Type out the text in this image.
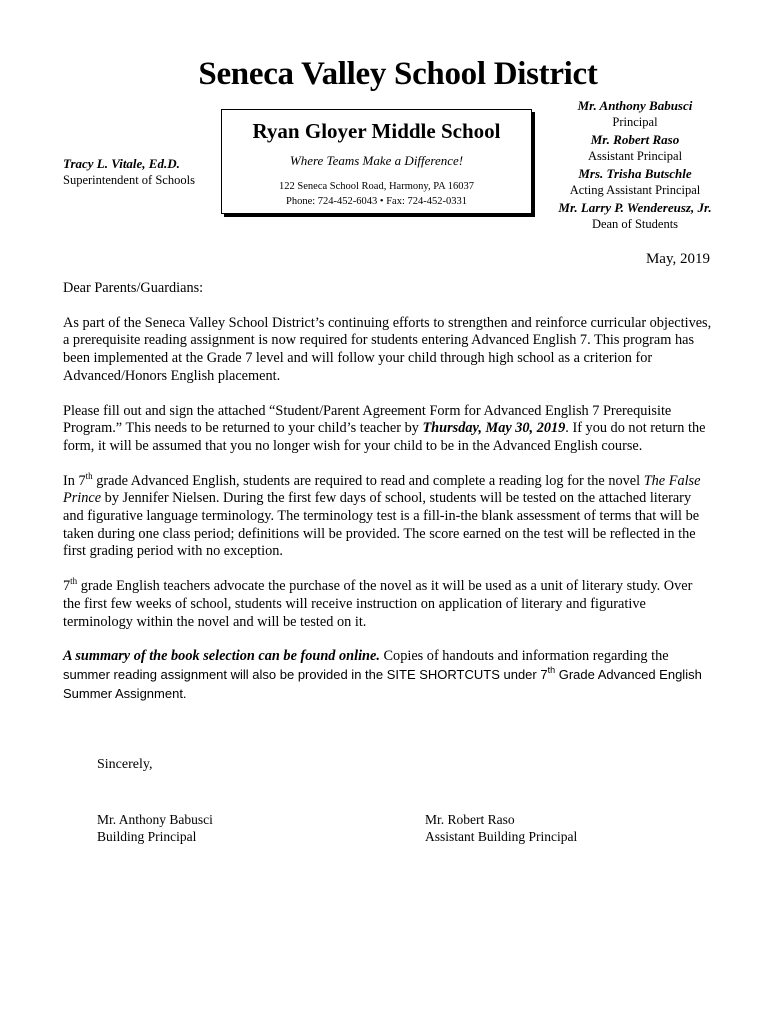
Seneca Valley School District
Tracy L. Vitale, Ed.D.
Superintendent of Schools
Ryan Gloyer Middle School
Where Teams Make a Difference!
122 Seneca School Road, Harmony, PA 16037
Phone: 724-452-6043 • Fax: 724-452-0331
Mr. Anthony Babusci
Principal
Mr. Robert Raso
Assistant Principal
Mrs. Trisha Butschle
Acting Assistant Principal
Mr. Larry P. Wendereusz, Jr.
Dean of Students
May, 2019

Dear Parents/Guardians:

As part of the Seneca Valley School District’s continuing efforts to strengthen and reinforce curricular objectives, a prerequisite reading assignment is now required for students entering Advanced English 7. This program has been implemented at the Grade 7 level and will follow your child through high school as a criterion for Advanced/Honors English placement.

Please fill out and sign the attached “Student/Parent Agreement Form for Advanced English 7 Prerequisite Program.” This needs to be returned to your child’s teacher by Thursday, May 30, 2019. If you do not return the form, it will be assumed that you no longer wish for your child to be in the Advanced English course.

In 7th grade Advanced English, students are required to read and complete a reading log for the novel The False Prince by Jennifer Nielsen. During the first few days of school, students will be tested on the attached literary and figurative language terminology. The terminology test is a fill-in-the blank assessment of terms that will be taken during one class period; definitions will be provided. The score earned on the test will be reflected in the first grading period with no exception.

7th grade English teachers advocate the purchase of the novel as it will be used as a unit of literary study. Over the first few weeks of school, students will receive instruction on application of literary and figurative terminology within the novel and will be tested on it.

A summary of the book selection can be found online. Copies of handouts and information regarding the summer reading assignment will also be provided in the SITE SHORTCUTS under 7th Grade Advanced English Summer Assignment.

Sincerely,
Mr. Anthony Babusci
Building Principal
Mr. Robert Raso
Assistant Building Principal
